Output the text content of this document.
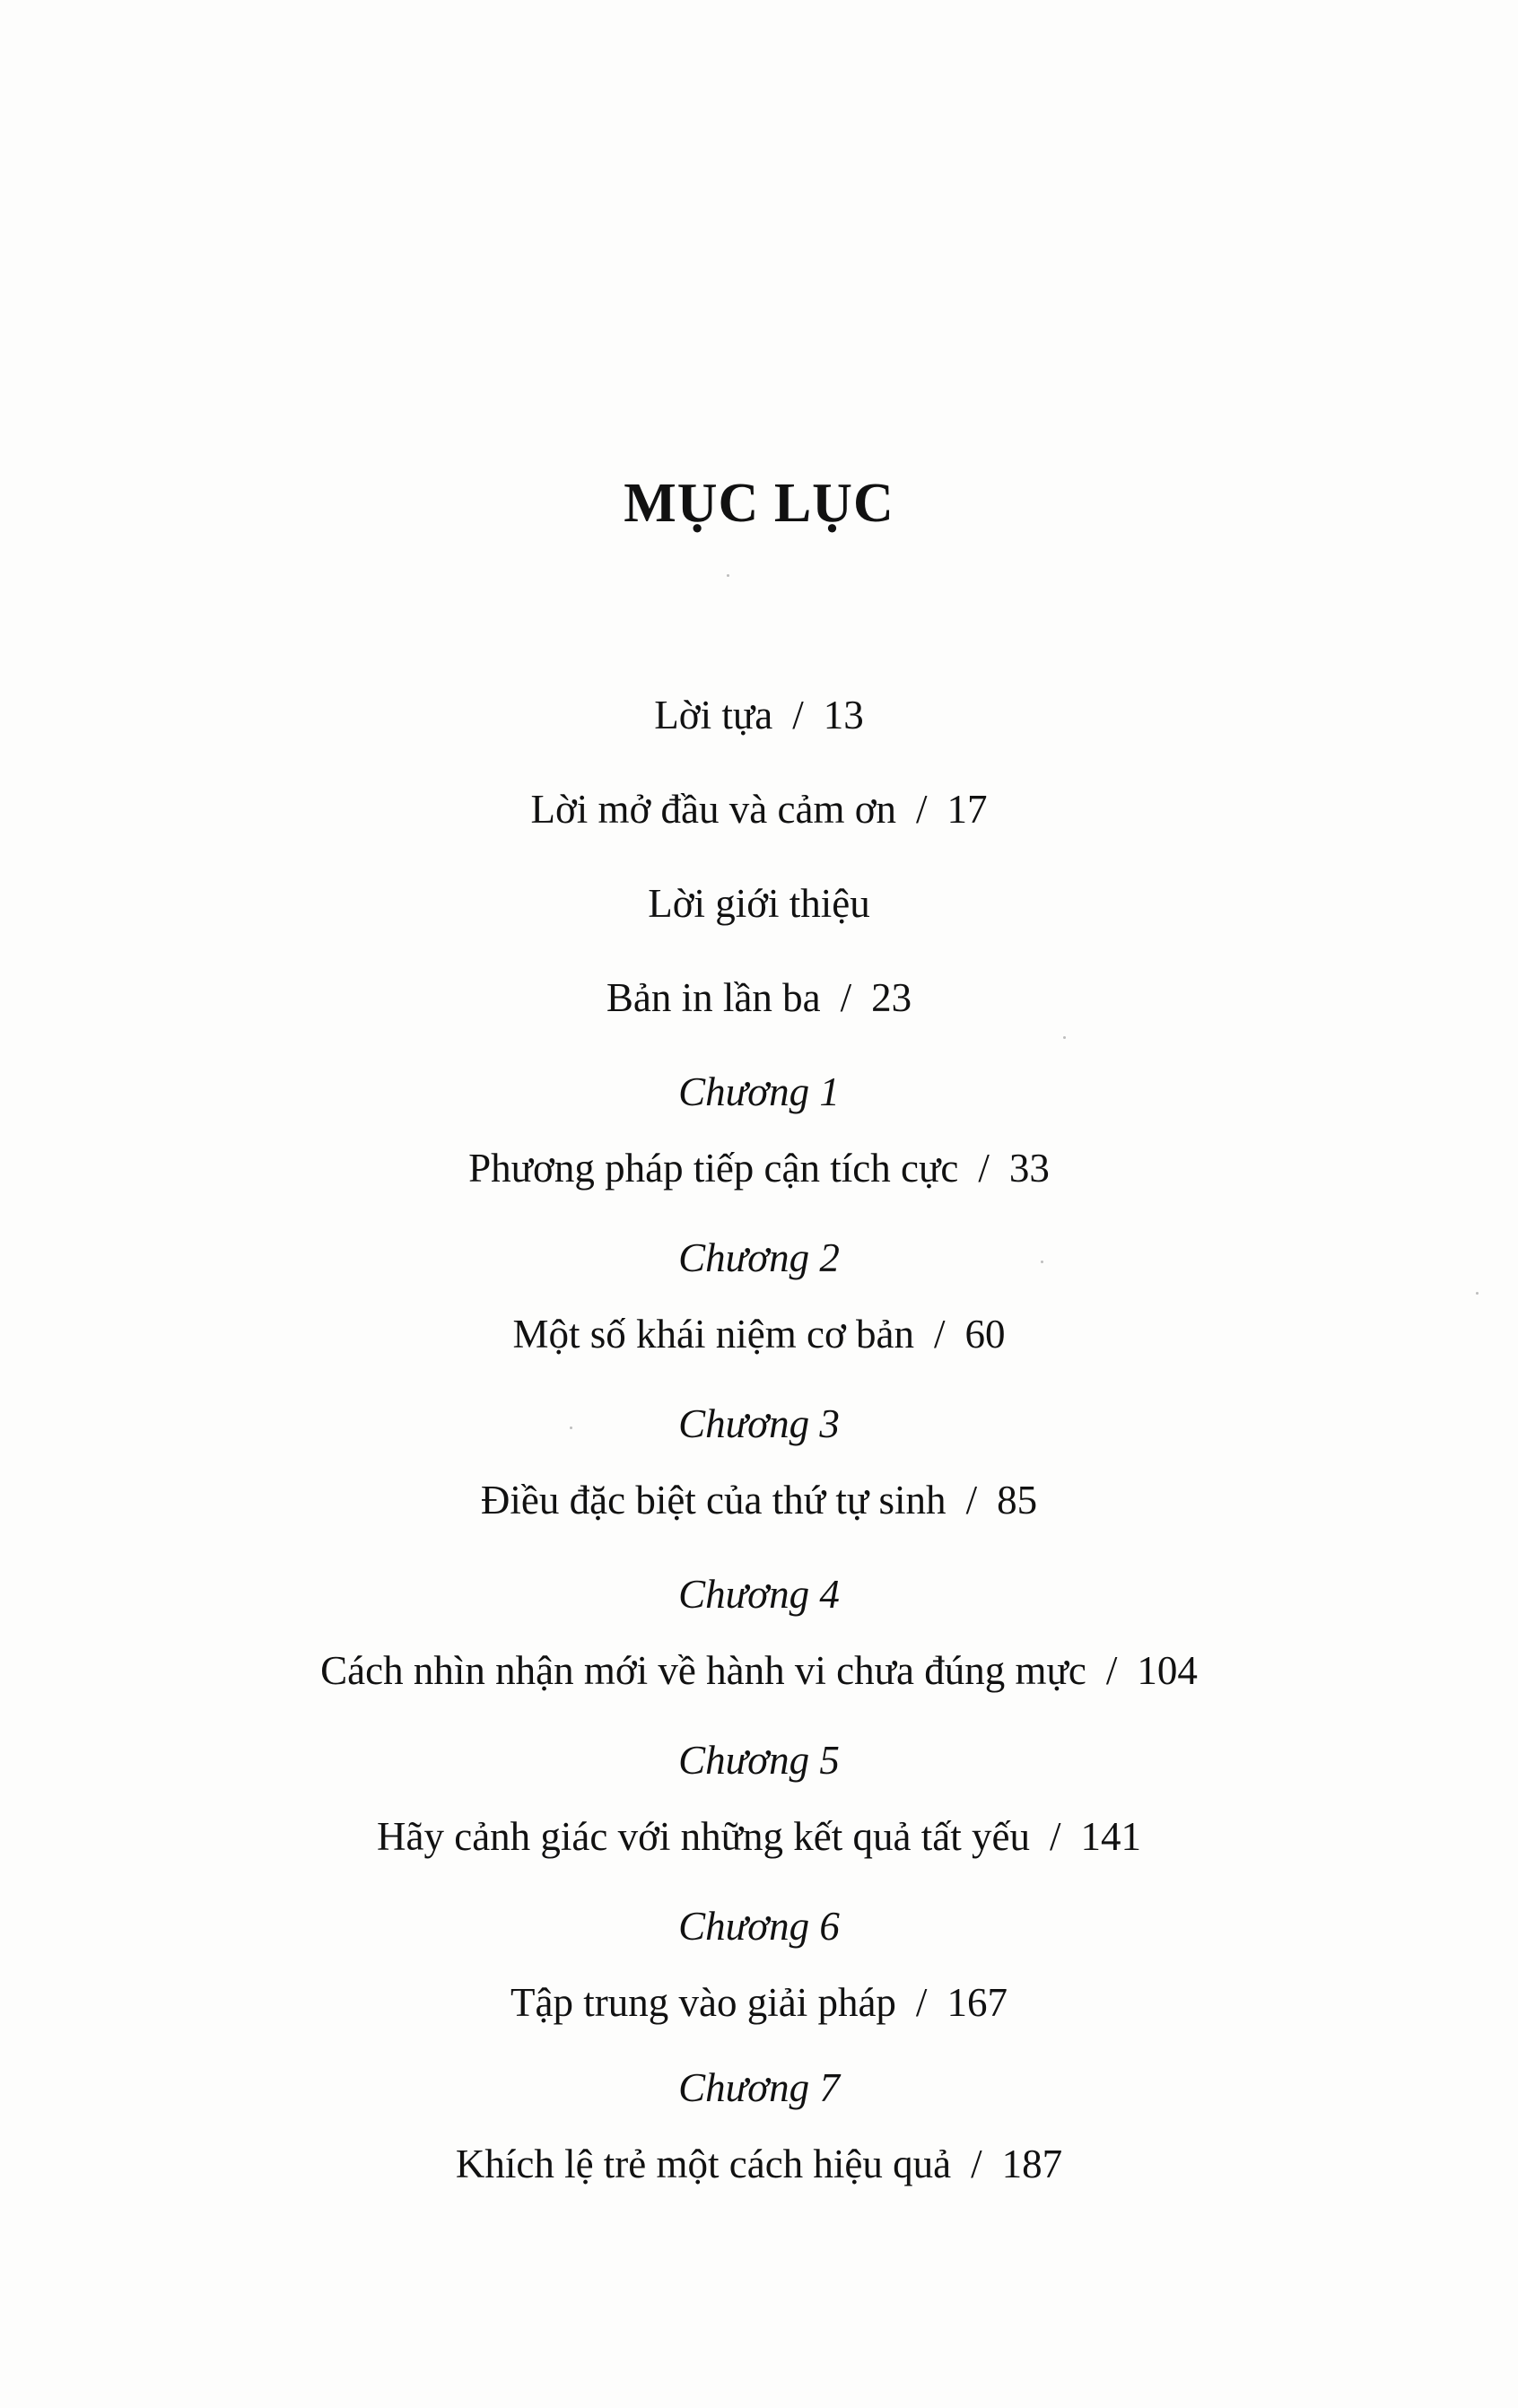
MỤC LỤC
Lời tựa / 13
Lời mở đầu và cảm ơn / 17
Lời giới thiệu
Bản in lần ba / 23
Chương 1
Phương pháp tiếp cận tích cực / 33
Chương 2
Một số khái niệm cơ bản / 60
Chương 3
Điều đặc biệt của thứ tự sinh / 85
Chương 4
Cách nhìn nhận mới về hành vi chưa đúng mực / 104
Chương 5
Hãy cảnh giác với những kết quả tất yếu / 141
Chương 6
Tập trung vào giải pháp / 167
Chương 7
Khích lệ trẻ một cách hiệu quả / 187
